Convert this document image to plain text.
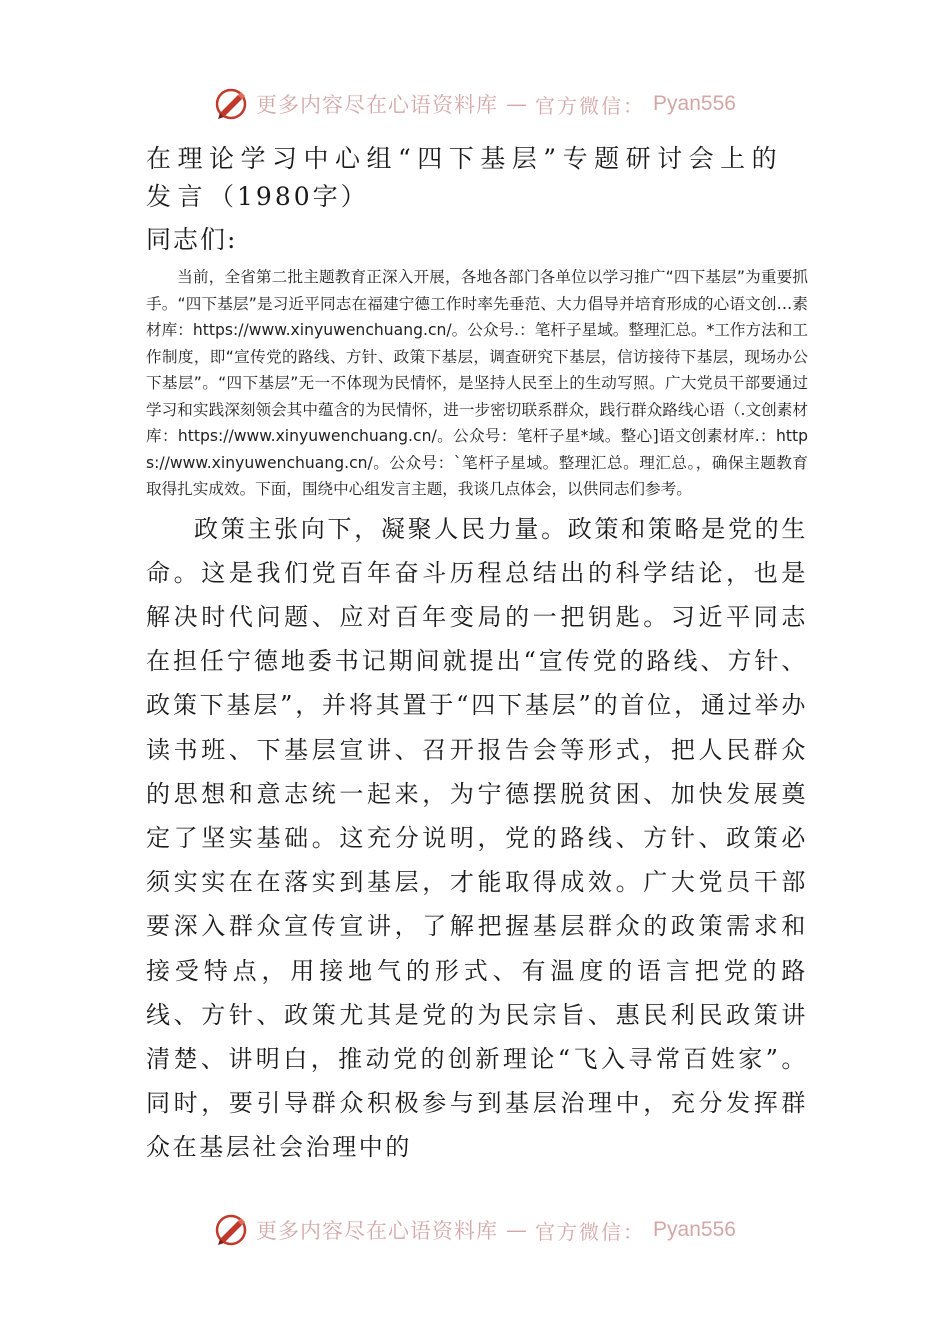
更多内容尽在心语资料库 — 官方微信： Pyan556
在理论学习中心组“四下基层”专题研讨会上的发言（1980字）

同志们:

当前，全省第二批主题教育正深入开展，各地各部门各单位以学习推广“四下基层”为重要抓手。“四下基层”是习近平同志在福建宁德工作时率先垂范、大力倡导并培育形成的心语文创…素材库：https://www.xinyuwenchuang.cn/。公众号.：笔杆子星域。整理汇总。*工作方法和工作制度，即“宣传党的路线、方针、政策下基层，调查研究下基层，信访接待下基层，现场办公下基层”。“四下基层”无一不体现为民情怀，是坚持人民至上的生动写照。广大党员干部要通过学习和实践深刻领会其中蕴含的为民情怀，进一步密切联系群众，践行群众路线心语（.文创素材库：https://www.xinyuwenchuang.cn/。公众号：笔杆子星*域。整心]语文创素材库.：https://www.xinyuwenchuang.cn/。公众号：`笔杆子星域。整理汇总。理汇总。，确保主题教育取得扎实成效。下面，围绕中心组发言主题，我谈几点体会，以供同志们参考。

政策主张向下，凝聚人民力量。政策和策略是党的生命。这是我们党百年奋斗历程总结出的科学结论，也是解决时代问题、应对百年变局的一把钥匙。习近平同志在担任宁德地委书记期间就提出“宣传党的路线、方针、政策下基层”，并将其置于“四下基层”的首位，通过举办读书班、下基层宣讲、召开报告会等形式，把人民群众的思想和意志统一起来，为宁德摆脱贫困、加快发展奠定了坚实基础。这充分说明，党的路线、方针、政策必须实实在在落实到基层，才能取得成效。广大党员干部要深入群众宣传宣讲，了解把握基层群众的政策需求和接受特点，用接地气的形式、有温度的语言把党的路线、方针、政策尤其是党的为民宗旨、惠民利民政策讲清楚、讲明白，推动党的创新理论“飞入寻常百姓家”。同时，要引导群众积极参与到基层治理中，充分发挥群众在基层社会治理中的

更多内容尽在心语资料库 — 官方微信： Pyan556
